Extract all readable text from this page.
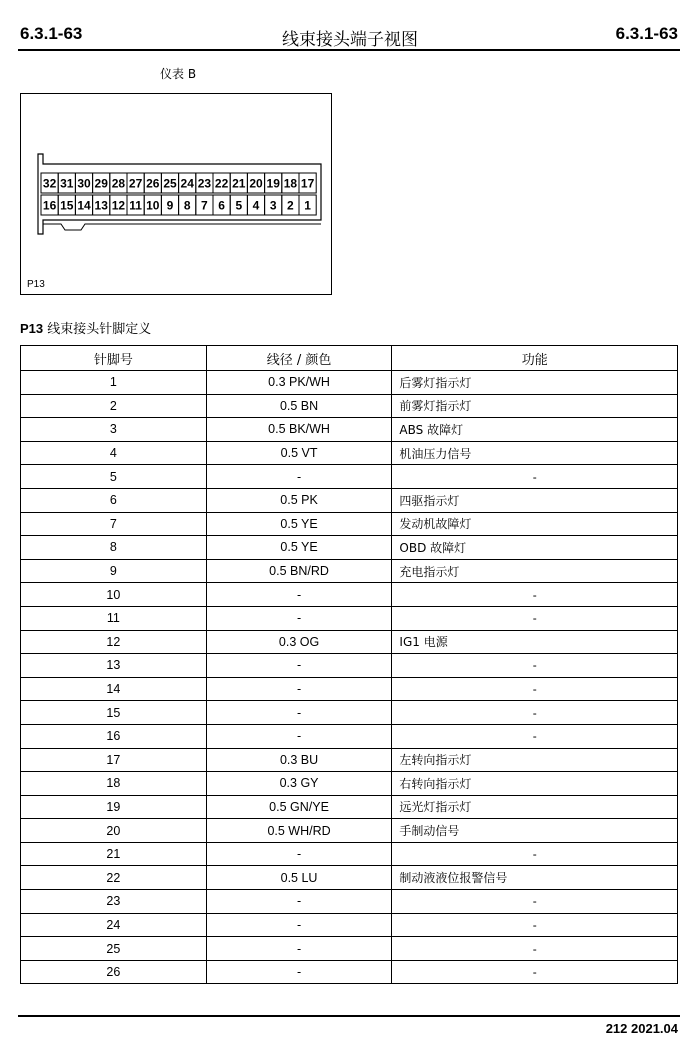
6.3.1-63	线束接头端子视图	6.3.1-63
仪表 B
32 31 30 29 28 27 26 25 24 23 22 21 20 19 18 17
16 15 14 13 12 11 10 9 8 7 6 5 4 3 2 1
P13
P13 线束接头针脚定义
针脚号	线径 / 颜色	功能
1	0.3 PK/WH	后雾灯指示灯
2	0.5 BN	前雾灯指示灯
3	0.5 BK/WH	ABS 故障灯
4	0.5 VT	机油压力信号
5	-	-
6	0.5 PK	四驱指示灯
7	0.5 YE	发动机故障灯
8	0.5 YE	OBD 故障灯
9	0.5 BN/RD	充电指示灯
10	-	-
11	-	-
12	0.3 OG	IG1 电源
13	-	-
14	-	-
15	-	-
16	-	-
17	0.3 BU	左转向指示灯
18	0.3 GY	右转向指示灯
19	0.5 GN/YE	远光灯指示灯
20	0.5 WH/RD	手制动信号
21	-	-
22	0.5 LU	制动液液位报警信号
23	-	-
24	-	-
25	-	-
26	-	-
212 2021.04
